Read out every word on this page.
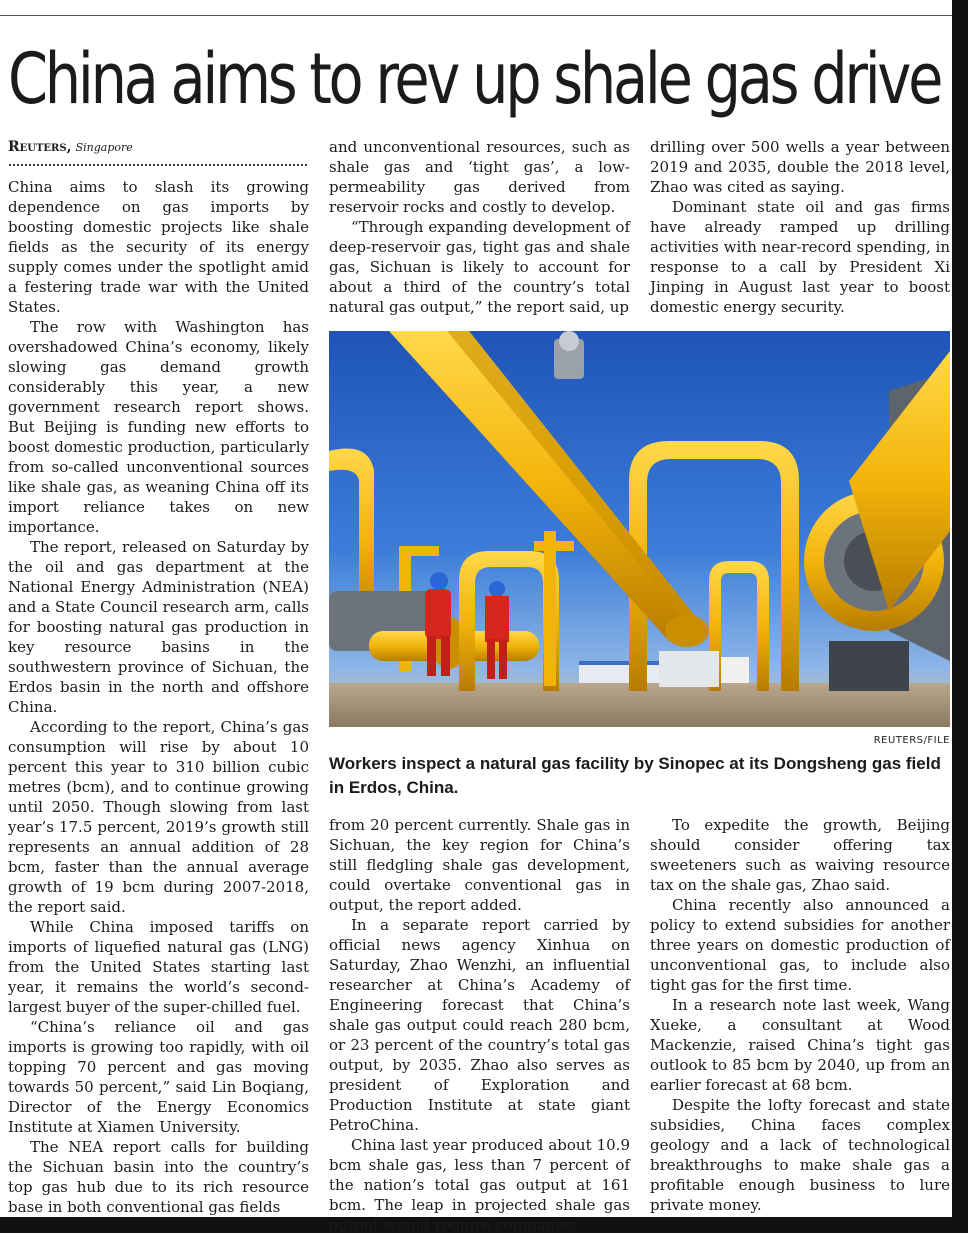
China aims to rev up shale gas drive
Reuters, Singapore

China aims to slash its growing dependence on gas imports by boosting domestic projects like shale fields as the security of its energy supply comes under the spotlight amid a festering trade war with the United States.

The row with Washington has overshadowed China’s economy, likely slowing gas demand growth considerably this year, a new government research report shows. But Beijing is funding new efforts to boost domestic production, particularly from so-called unconventional sources like shale gas, as weaning China off its import reliance takes on new importance.

The report, released on Saturday by the oil and gas department at the National Energy Administration (NEA) and a State Council research arm, calls for boosting natural gas production in key resource basins in the southwestern province of Sichuan, the Erdos basin in the north and offshore China.

According to the report, China’s gas consumption will rise by about 10 percent this year to 310 billion cubic metres (bcm), and to continue growing until 2050. Though slowing from last year’s 17.5 percent, 2019’s growth still represents an annual addition of 28 bcm, faster than the annual average growth of 19 bcm during 2007-2018, the report said.

While China imposed tariffs on imports of liquefied natural gas (LNG) from the United States starting last year, it remains the world’s second-largest buyer of the super-chilled fuel.

“China’s reliance oil and gas imports is growing too rapidly, with oil topping 70 percent and gas moving towards 50 percent,” said Lin Boqiang, Director of the Energy Economics Institute at Xiamen University.

The NEA report calls for building the Sichuan basin into the country’s top gas hub due to its rich resource base in both conventional gas fields

and unconventional resources, such as shale gas and ‘tight gas’, a low-permeability gas derived from reservoir rocks and costly to develop.

“Through expanding development of deep-reservoir gas, tight gas and shale gas, Sichuan is likely to account for about a third of the country’s total natural gas output,” the report said, up

drilling over 500 wells a year between 2019 and 2035, double the 2018 level, Zhao was cited as saying.

Dominant state oil and gas firms have already ramped up drilling activities with near-record spending, in response to a call by President Xi Jinping in August last year to boost domestic energy security.

REUTERS/FILE
Workers inspect a natural gas facility by Sinopec at its Dongsheng gas field in Erdos, China.

from 20 percent currently. Shale gas in Sichuan, the key region for China’s still fledgling shale gas development, could overtake conventional gas in output, the report added.

In a separate report carried by official news agency Xinhua on Saturday, Zhao Wenzhi, an influential researcher at China’s Academy of Engineering forecast that China’s shale gas output could reach 280 bcm, or 23 percent of the country’s total gas output, by 2035. Zhao also serves as president of Exploration and Production Institute at state giant PetroChina.

China last year produced about 10.9 bcm shale gas, less than 7 percent of the nation’s total gas output at 161 bcm. The leap in projected shale gas output would require companies

To expedite the growth, Beijing should consider offering tax sweeteners such as waiving resource tax on the shale gas, Zhao said.

China recently also announced a policy to extend subsidies for another three years on domestic production of unconventional gas, to include also tight gas for the first time.

In a research note last week, Wang Xueke, a consultant at Wood Mackenzie, raised China’s tight gas outlook to 85 bcm by 2040, up from an earlier forecast at 68 bcm.

Despite the lofty forecast and state subsidies, China faces complex geology and a lack of technological breakthroughs to make shale gas a profitable enough business to lure private money.
